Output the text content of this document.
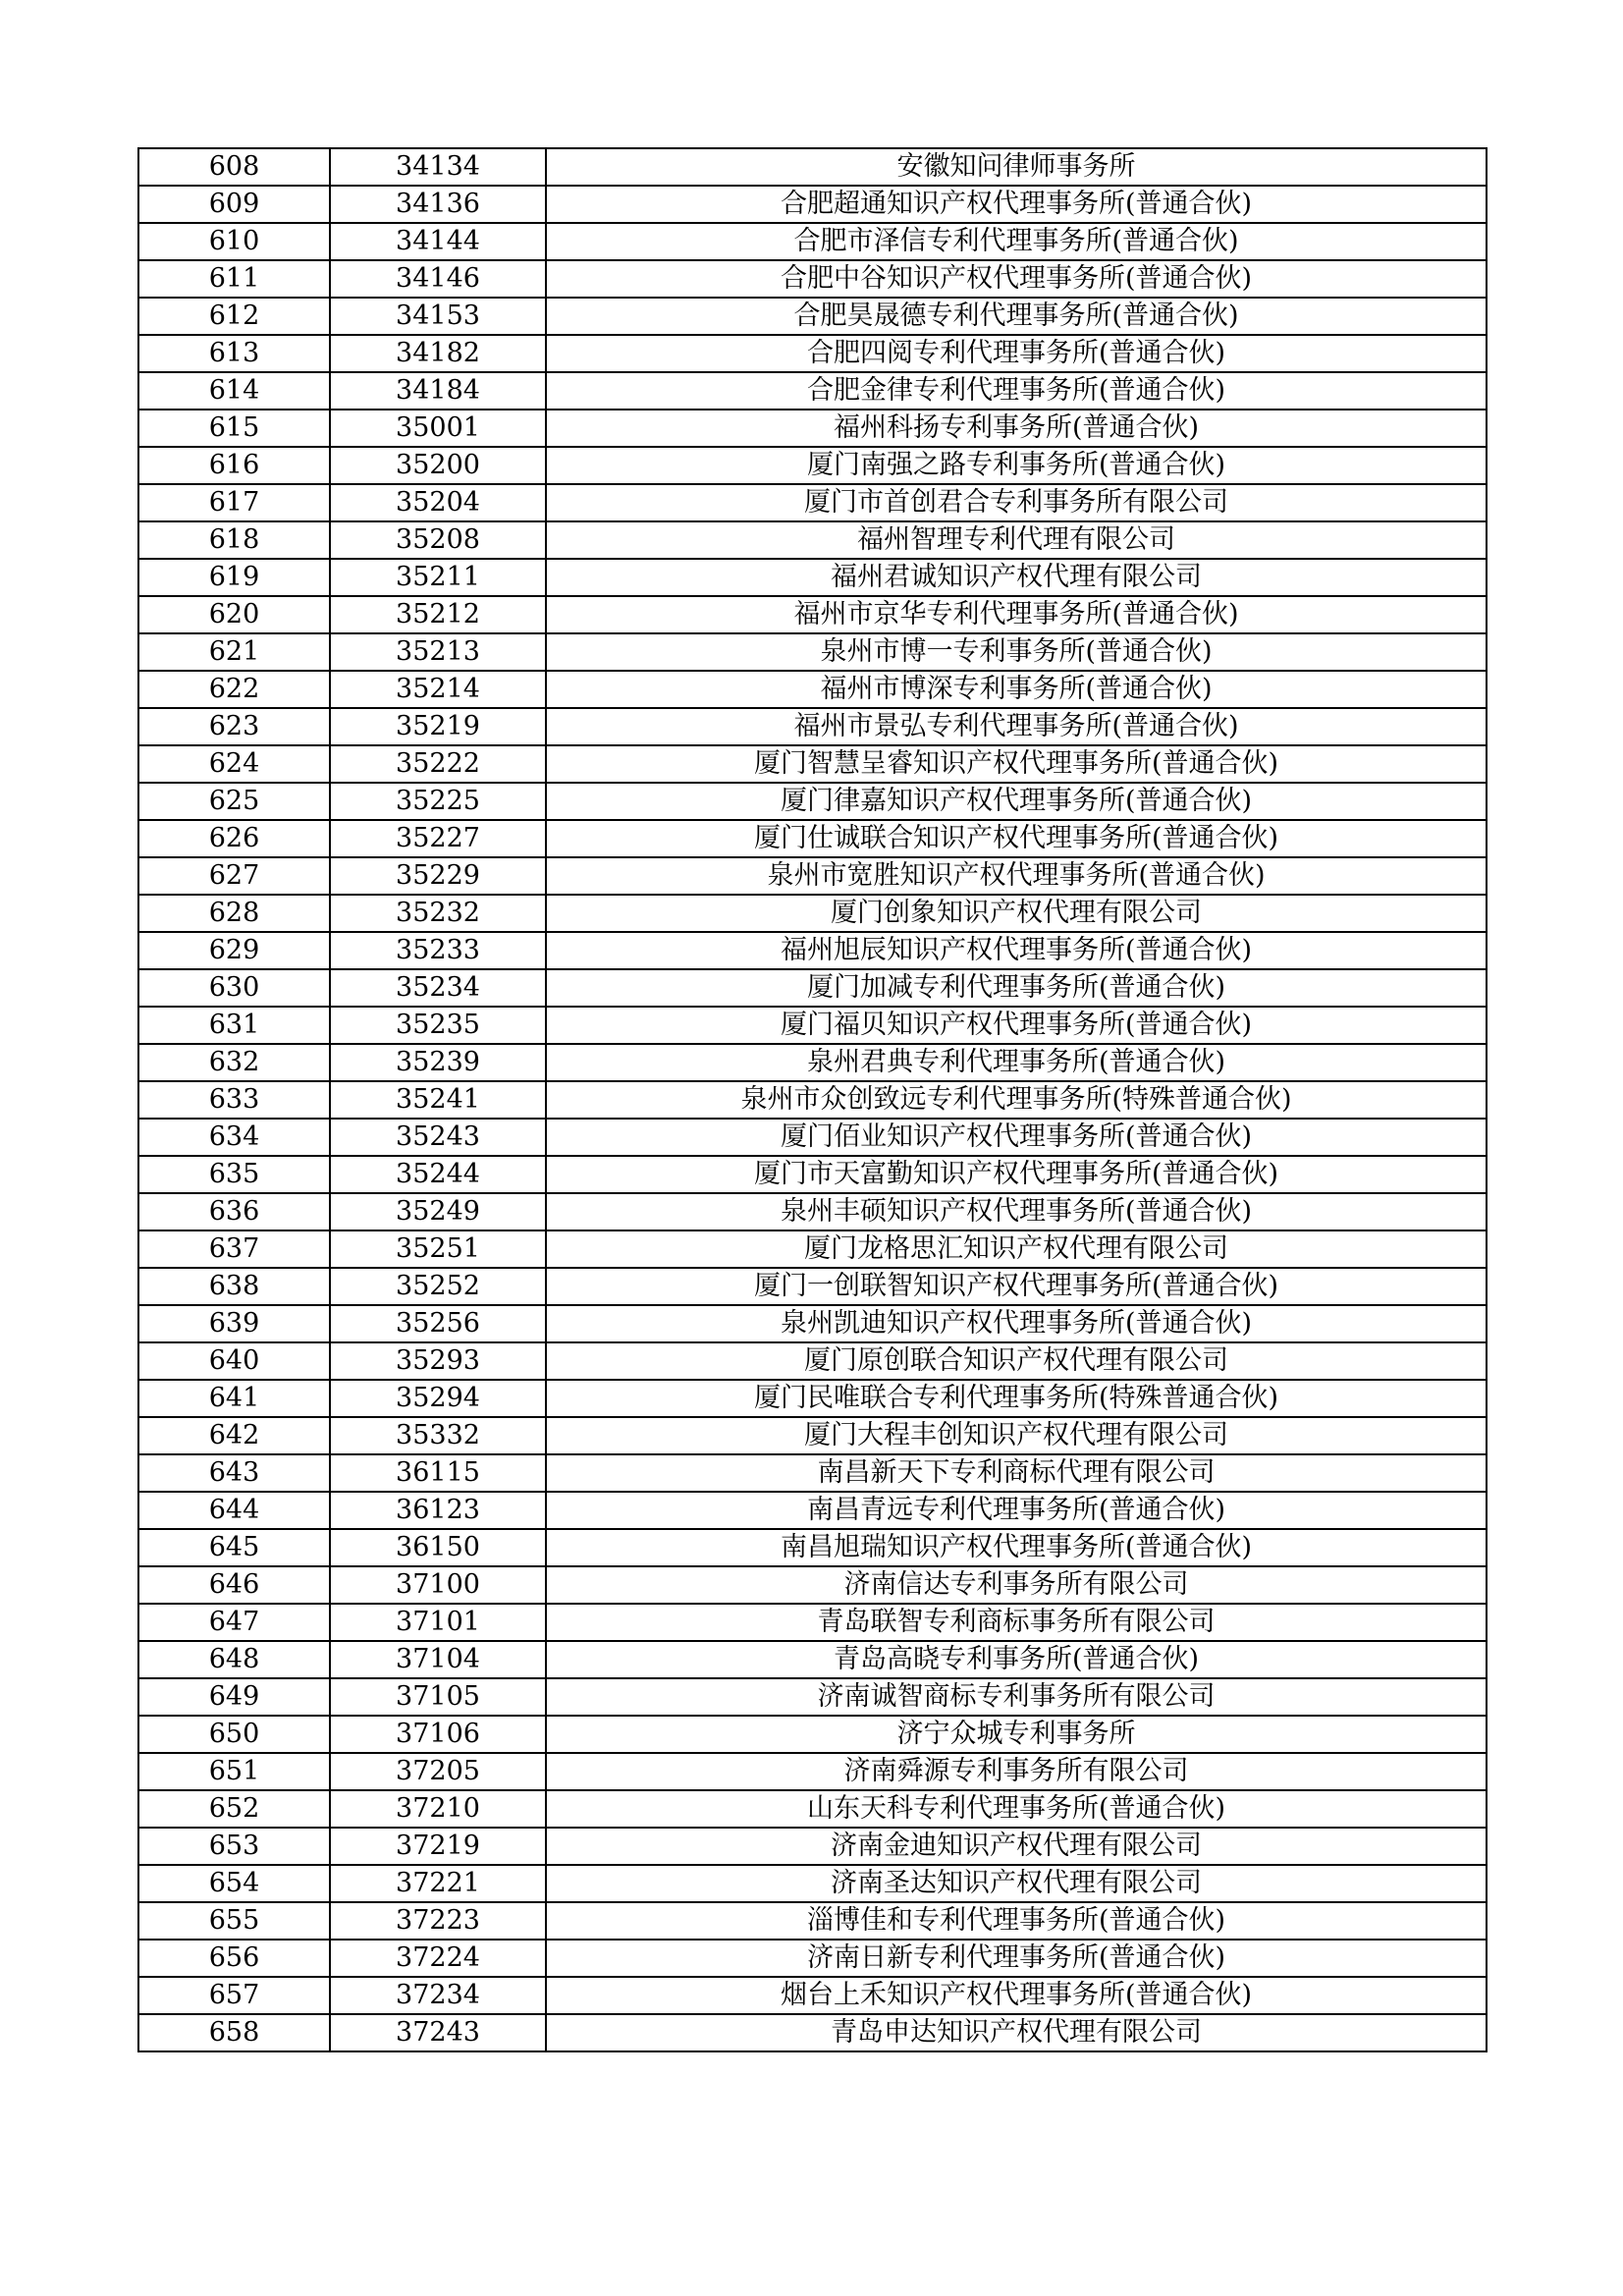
608	34134	安徽知问律师事务所
609	34136	合肥超通知识产权代理事务所(普通合伙)
610	34144	合肥市泽信专利代理事务所(普通合伙)
611	34146	合肥中谷知识产权代理事务所(普通合伙)
612	34153	合肥昊晟德专利代理事务所(普通合伙)
613	34182	合肥四阅专利代理事务所(普通合伙)
614	34184	合肥金律专利代理事务所(普通合伙)
615	35001	福州科扬专利事务所(普通合伙)
616	35200	厦门南强之路专利事务所(普通合伙)
617	35204	厦门市首创君合专利事务所有限公司
618	35208	福州智理专利代理有限公司
619	35211	福州君诚知识产权代理有限公司
620	35212	福州市京华专利代理事务所(普通合伙)
621	35213	泉州市博一专利事务所(普通合伙)
622	35214	福州市博深专利事务所(普通合伙)
623	35219	福州市景弘专利代理事务所(普通合伙)
624	35222	厦门智慧呈睿知识产权代理事务所(普通合伙)
625	35225	厦门律嘉知识产权代理事务所(普通合伙)
626	35227	厦门仕诚联合知识产权代理事务所(普通合伙)
627	35229	泉州市宽胜知识产权代理事务所(普通合伙)
628	35232	厦门创象知识产权代理有限公司
629	35233	福州旭辰知识产权代理事务所(普通合伙)
630	35234	厦门加减专利代理事务所(普通合伙)
631	35235	厦门福贝知识产权代理事务所(普通合伙)
632	35239	泉州君典专利代理事务所(普通合伙)
633	35241	泉州市众创致远专利代理事务所(特殊普通合伙)
634	35243	厦门佰业知识产权代理事务所(普通合伙)
635	35244	厦门市天富勤知识产权代理事务所(普通合伙)
636	35249	泉州丰硕知识产权代理事务所(普通合伙)
637	35251	厦门龙格思汇知识产权代理有限公司
638	35252	厦门一创联智知识产权代理事务所(普通合伙)
639	35256	泉州凯迪知识产权代理事务所(普通合伙)
640	35293	厦门原创联合知识产权代理有限公司
641	35294	厦门民唯联合专利代理事务所(特殊普通合伙)
642	35332	厦门大程丰创知识产权代理有限公司
643	36115	南昌新天下专利商标代理有限公司
644	36123	南昌青远专利代理事务所(普通合伙)
645	36150	南昌旭瑞知识产权代理事务所(普通合伙)
646	37100	济南信达专利事务所有限公司
647	37101	青岛联智专利商标事务所有限公司
648	37104	青岛高晓专利事务所(普通合伙)
649	37105	济南诚智商标专利事务所有限公司
650	37106	济宁众城专利事务所
651	37205	济南舜源专利事务所有限公司
652	37210	山东天科专利代理事务所(普通合伙)
653	37219	济南金迪知识产权代理有限公司
654	37221	济南圣达知识产权代理有限公司
655	37223	淄博佳和专利代理事务所(普通合伙)
656	37224	济南日新专利代理事务所(普通合伙)
657	37234	烟台上禾知识产权代理事务所(普通合伙)
658	37243	青岛申达知识产权代理有限公司
